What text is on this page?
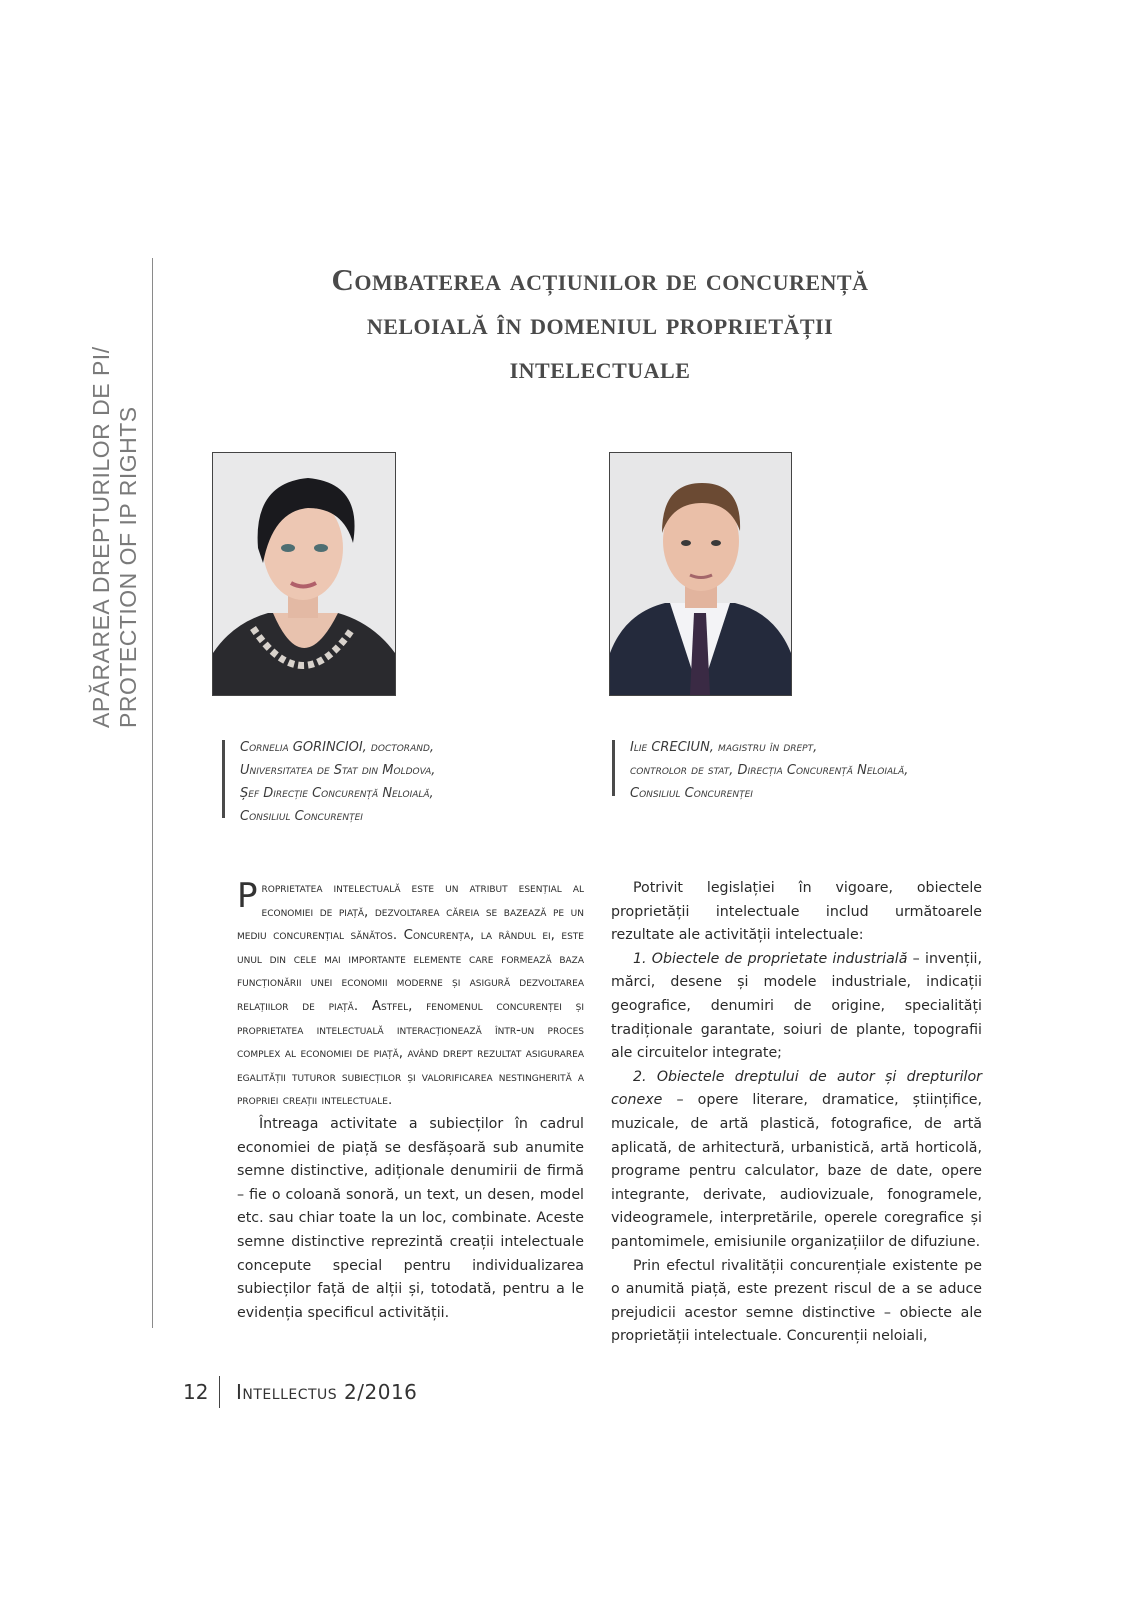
APĂRAREA DREPTURILOR DE PI/ PROTECTION OF IP RIGHTS
Combaterea acțiunilor de concurență
neloială în domeniul proprietății
intelectuale
Cornelia GORINCIOI, doctorand,
Universitatea de Stat din Moldova,
Șef Direcție Concurență Neloială,
Consiliul Concurenței
Ilie CRECIUN, magistru în drept,
controlor de stat, Direcția Concurență Neloială,
Consiliul Concurenței

Proprietatea intelectuală este un atribut esențial al economiei de piață, dezvoltarea căreia se bazează pe un mediu concurențial sănătos. Concurența, la rândul ei, este unul din cele mai importante elemente care formează baza funcționării unei economii moderne și asigură dezvoltarea relațiilor de piață. Astfel, fenomenul concurenței și proprietatea intelectuală interacționează într-un proces complex al economiei de piață, având drept rezultat asigurarea egalității tuturor subiecților și valorificarea nestingherită a propriei creații intelectuale.

Întreaga activitate a subiecților în cadrul economiei de piață se desfășoară sub anumite semne distinctive, adiționale denumirii de firmă – fie o coloană sonoră, un text, un desen, model etc. sau chiar toate la un loc, combinate. Aceste semne distinctive reprezintă creații intelectuale concepute special pentru individualizarea subiecților față de alții și, totodată, pentru a le evidenția specificul activității.

Potrivit legislației în vigoare, obiectele proprietății intelectuale includ următoarele rezultate ale activității intelectuale:

1. Obiectele de proprietate industrială – invenții, mărci, desene și modele industriale, indicații geografice, denumiri de origine, specialități tradiționale garantate, soiuri de plante, topografii ale circuitelor integrate;

2. Obiectele dreptului de autor și drepturilor conexe – opere literare, dramatice, științifice, muzicale, de artă plastică, fotografice, de artă aplicată, de arhitectură, urbanistică, artă horticolă, programe pentru calculator, baze de date, opere integrante, derivate, audiovizuale, fonogramele, videogramele, interpretările, operele coregrafice și pantomimele, emisiunile organizațiilor de difuziune.

Prin efectul rivalității concurențiale existente pe o anumită piață, este prezent riscul de a se aduce prejudicii acestor semne distinctive – obiecte ale proprietății intelectuale. Concurenții neloiali,

12 Intellectus 2/2016
